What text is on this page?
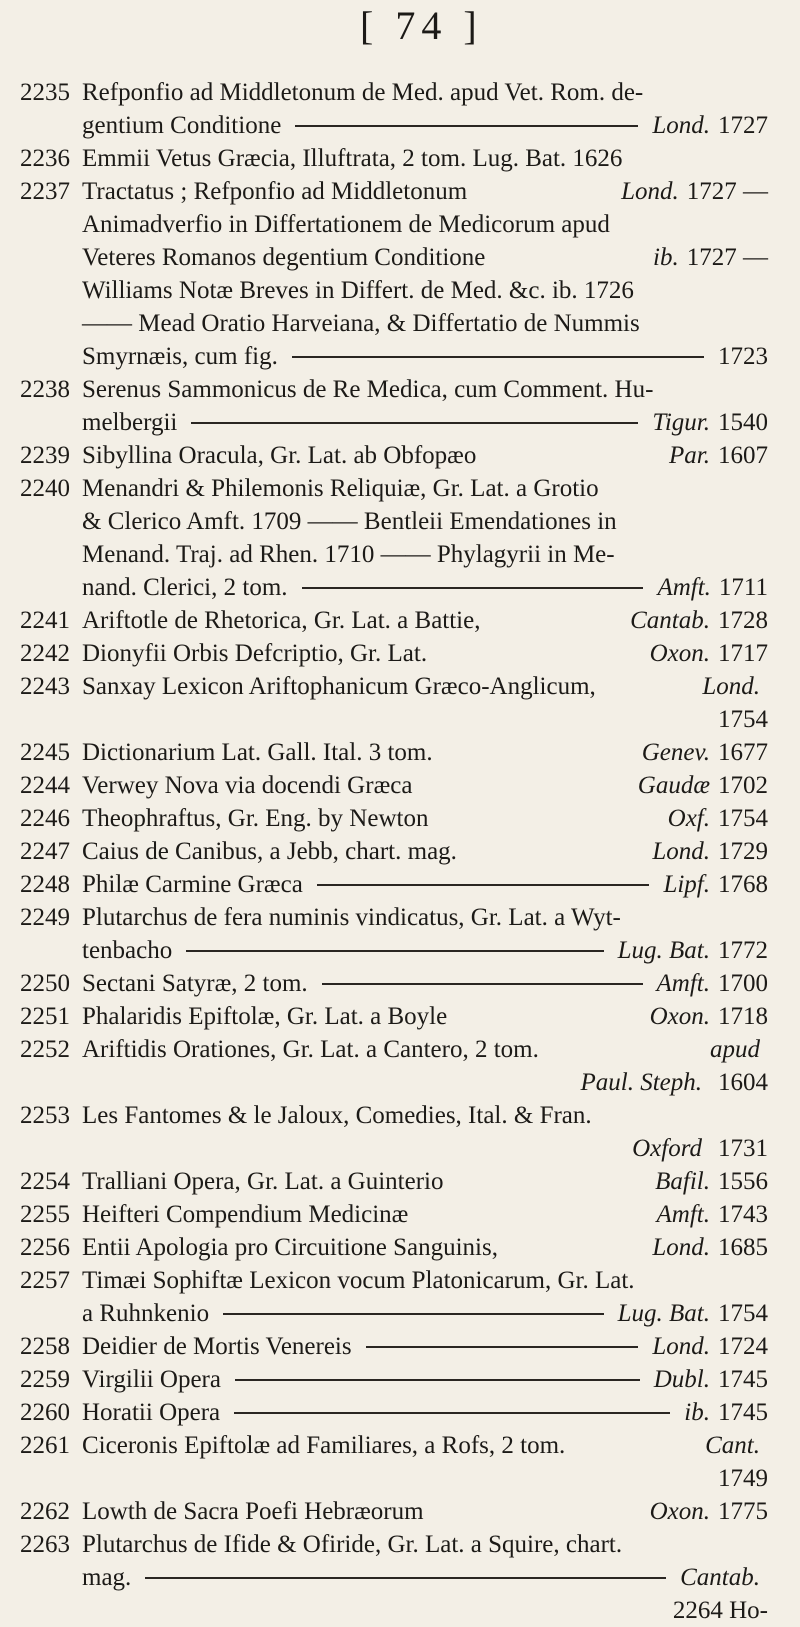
[ 74 ]
2235 Refponfio ad Middletonum de Med. apud Vet. Rom. de-
gentium Conditione	Lond. 1727
2236 Emmii Vetus Græcia, Illuftrata, 2 tom. Lug. Bat. 1626
2237 Tractatus ; Refponfio ad Middletonum	Lond. 1727 —
Animadverfio in Differtationem de Medicorum apud
Veteres Romanos degentium Conditione	ib. 1727 —
Williams Notæ Breves in Differt. de Med. &c. ib. 1726
—— Mead Oratio Harveiana, & Differtatio de Nummis
Smyrnæis, cum fig.	1723
2238 Serenus Sammonicus de Re Medica, cum Comment. Hu-
melbergii	Tigur. 1540
2239 Sibyllina Oracula, Gr. Lat. ab Obfopæo	Par. 1607
2240 Menandri & Philemonis Reliquiæ, Gr. Lat. a Grotio
& Clerico Amft. 1709 —— Bentleii Emendationes in
Menand. Traj. ad Rhen. 1710 —— Phylagyrii in Me-
nand. Clerici, 2 tom.	Amft. 1711
2241 Ariftotle de Rhetorica, Gr. Lat. a Battie,	Cantab. 1728
2242 Dionyfii Orbis Defcriptio, Gr. Lat.	Oxon. 1717
2243 Sanxay Lexicon Ariftophanicum Græco-Anglicum,	Lond.
1754
2245 Dictionarium Lat. Gall. Ital. 3 tom.	Genev. 1677
2244 Verwey Nova via docendi Græca	Gaudæ 1702
2246 Theophraftus, Gr. Eng. by Newton	Oxf. 1754
2247 Caius de Canibus, a Jebb, chart. mag.	Lond. 1729
2248 Philæ Carmine Græca	Lipf. 1768
2249 Plutarchus de fera numinis vindicatus, Gr. Lat. a Wyt-
tenbacho	Lug. Bat. 1772
2250 Sectani Satyræ, 2 tom.	Amft. 1700
2251 Phalaridis Epiftolæ, Gr. Lat. a Boyle	Oxon. 1718
2252 Ariftidis Orationes, Gr. Lat. a Cantero, 2 tom.	apud
Paul. Steph. 1604
2253 Les Fantomes & le Jaloux, Comedies, Ital. & Fran.
Oxford 1731
2254 Tralliani Opera, Gr. Lat. a Guinterio	Bafil. 1556
2255 Heifteri Compendium Medicinæ	Amft. 1743
2256 Entii Apologia pro Circuitione Sanguinis,	Lond. 1685
2257 Timæi Sophiftæ Lexicon vocum Platonicarum, Gr. Lat.
a Ruhnkenio	Lug. Bat. 1754
2258 Deidier de Mortis Venereis	Lond. 1724
2259 Virgilii Opera	Dubl. 1745
2260 Horatii Opera	ib. 1745
2261 Ciceronis Epiftolæ ad Familiares, a Rofs, 2 tom.	Cant.
1749
2262 Lowth de Sacra Poefi Hebræorum	Oxon. 1775
2263 Plutarchus de Ifide & Ofiride, Gr. Lat. a Squire, chart.
mag.	Cantab.
2264 Ho-
